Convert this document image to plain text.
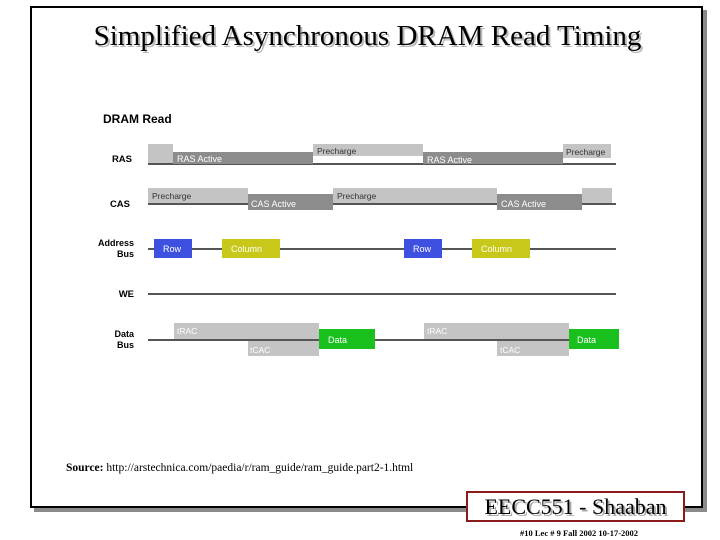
Simplified Asynchronous DRAM Read Timing
DRAM Read
RAS
CAS
Address
Bus
WE
Data
Bus
RAS Active
Precharge
RAS Active
Precharge
Precharge
CAS Active
Precharge
CAS Active
Row	Column	Row	Column
tRAC
tCAC
Data
tRAC
tCAC
Data
Source: http://arstechnica.com/paedia/r/ram_guide/ram_guide.part2-1.html
EECC551 - Shaaban
#10 Lec # 9 Fall 2002 10-17-2002
